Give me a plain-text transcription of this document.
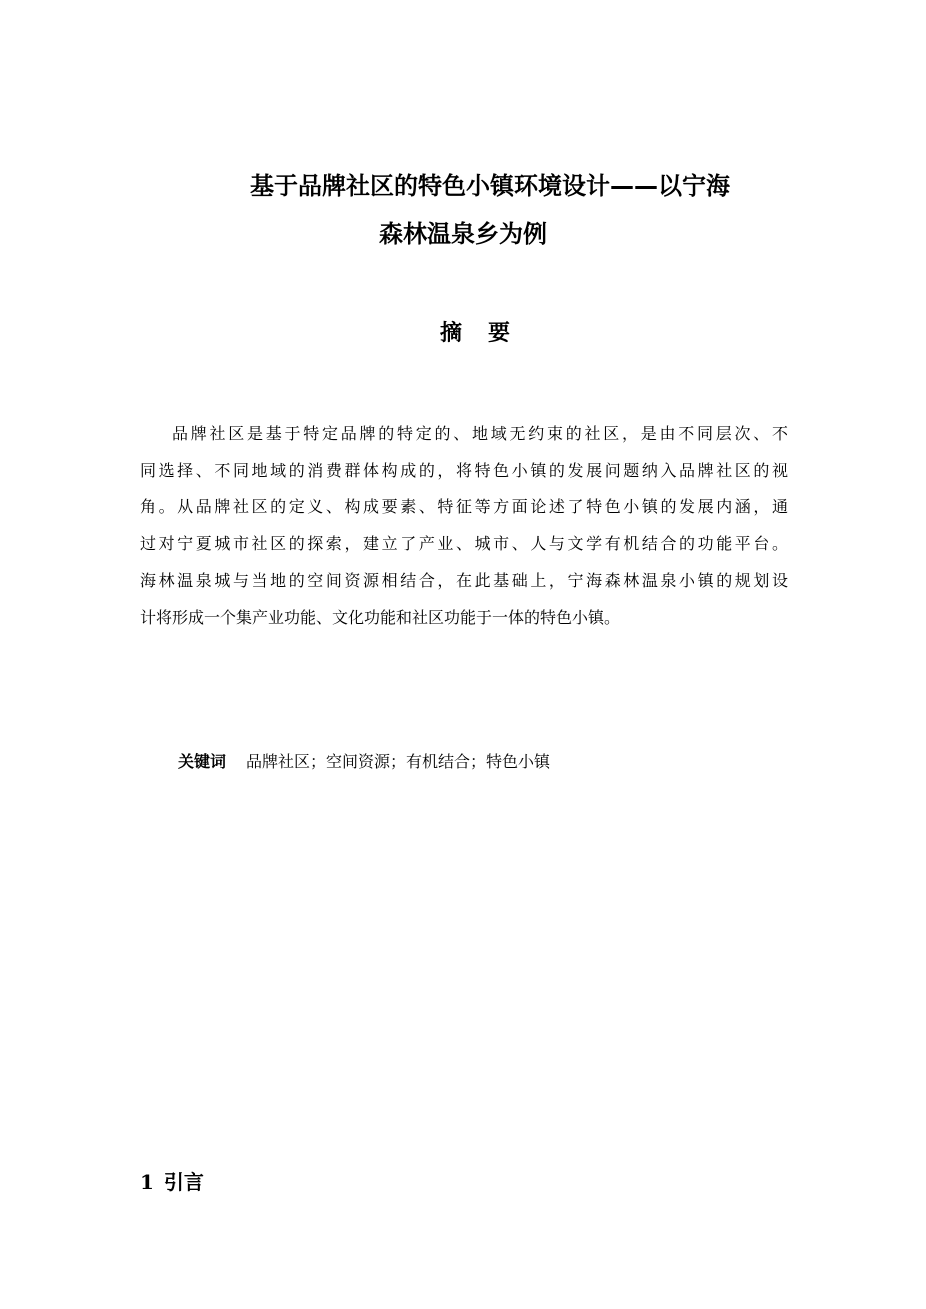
基于品牌社区的特色小镇环境设计——以宁海
森林温泉乡为例
摘要

品牌社区是基于特定品牌的特定的、地域无约束的社区，是由不同层次、不
同选择、不同地域的消费群体构成的，将特色小镇的发展问题纳入品牌社区的视
角。从品牌社区的定义、构成要素、特征等方面论述了特色小镇的发展内涵，通
过对宁夏城市社区的探索，建立了产业、城市、人与文学有机结合的功能平台。
海林温泉城与当地的空间资源相结合，在此基础上，宁海森林温泉小镇的规划设
计将形成一个集产业功能、文化功能和社区功能于一体的特色小镇。

关键词 品牌社区；空间资源；有机结合；特色小镇

1 引言
